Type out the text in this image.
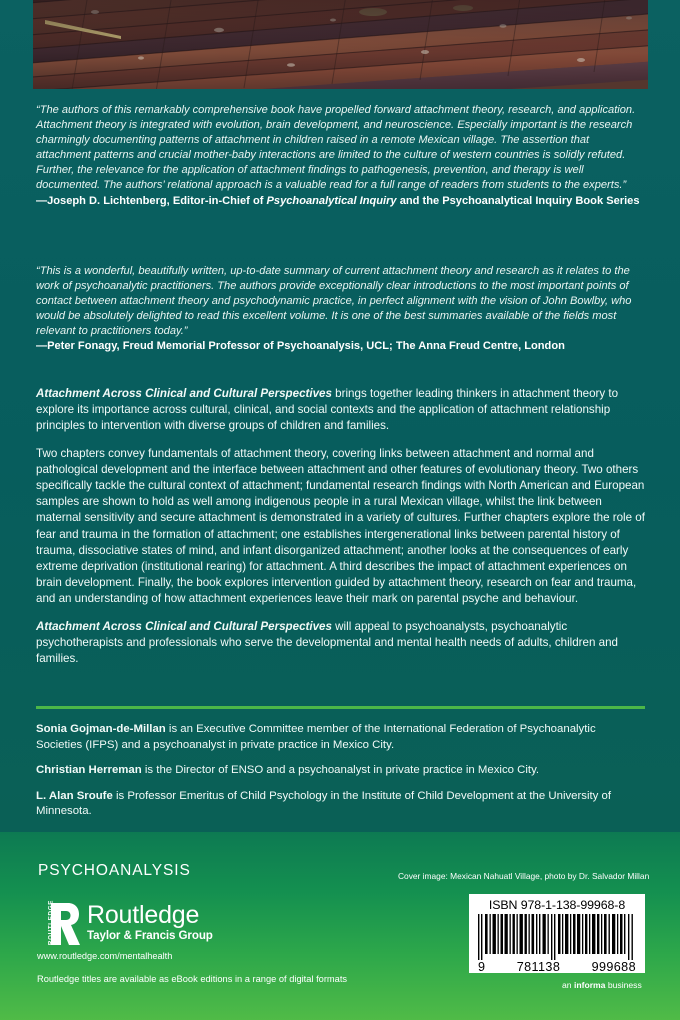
“The authors of this remarkably comprehensive book have propelled forward attachment theory, research, and application. Attachment theory is integrated with evolution, brain development, and neuroscience. Especially important is the research charmingly documenting patterns of attachment in children raised in a remote Mexican village. The assertion that attachment patterns and crucial mother-baby interactions are limited to the culture of western countries is solidly refuted. Further, the relevance for the application of attachment findings to pathogenesis, prevention, and therapy is well documented. The authors’ relational approach is a valuable read for a full range of readers from students to the experts.”

—Joseph D. Lichtenberg, Editor-in-Chief of Psychoanalytical Inquiry and the Psychoanalytical Inquiry Book Series

“This is a wonderful, beautifully written, up-to-date summary of current attachment theory and research as it relates to the work of psychoanalytic practitioners. The authors provide exceptionally clear introductions to the most important points of contact between attachment theory and psychodynamic practice, in perfect alignment with the vision of John Bowlby, who would be absolutely delighted to read this excellent volume. It is one of the best summaries available of the fields most relevant to practitioners today.”

—Peter Fonagy, Freud Memorial Professor of Psychoanalysis, UCL; The Anna Freud Centre, London

Attachment Across Clinical and Cultural Perspectives brings together leading thinkers in attachment theory to explore its importance across cultural, clinical, and social contexts and the application of attachment relationship principles to intervention with diverse groups of children and families.

Two chapters convey fundamentals of attachment theory, covering links between attachment and normal and pathological development and the interface between attachment and other features of evolutionary theory. Two others specifically tackle the cultural context of attachment; fundamental research findings with North American and European samples are shown to hold as well among indigenous people in a rural Mexican village, whilst the link between maternal sensitivity and secure attachment is demonstrated in a variety of cultures. Further chapters explore the role of fear and trauma in the formation of attachment; one establishes intergenerational links between parental history of trauma, dissociative states of mind, and infant disorganized attachment; another looks at the consequences of early extreme deprivation (institutional rearing) for attachment. A third describes the impact of attachment experiences on brain development. Finally, the book explores intervention guided by attachment theory, research on fear and trauma, and an understanding of how attachment experiences leave their mark on parental psyche and behaviour.

Attachment Across Clinical and Cultural Perspectives will appeal to psychoanalysts, psychoanalytic psychotherapists and professionals who serve the developmental and mental health needs of adults, children and families.

Sonia Gojman-de-Millan is an Executive Committee member of the International Federation of Psychoanalytic Societies (IFPS) and a psychoanalyst in private practice in Mexico City.

Christian Herreman is the Director of ENSO and a psychoanalyst in private practice in Mexico City.

L. Alan Sroufe is Professor Emeritus of Child Psychology in the Institute of Child Development at the University of Minnesota.

PSYCHOANALYSIS	Cover image: Mexican Nahuatl Village, photo by Dr. Salvador Millan
ROUTLEDGE Routledge
Taylor & Francis Group
www.routledge.com/mentalhealth
Routledge titles are available as eBook editions in a range of digital formats
an informa business
ISBN 978-1-138-99968-8
9 781138 999688
